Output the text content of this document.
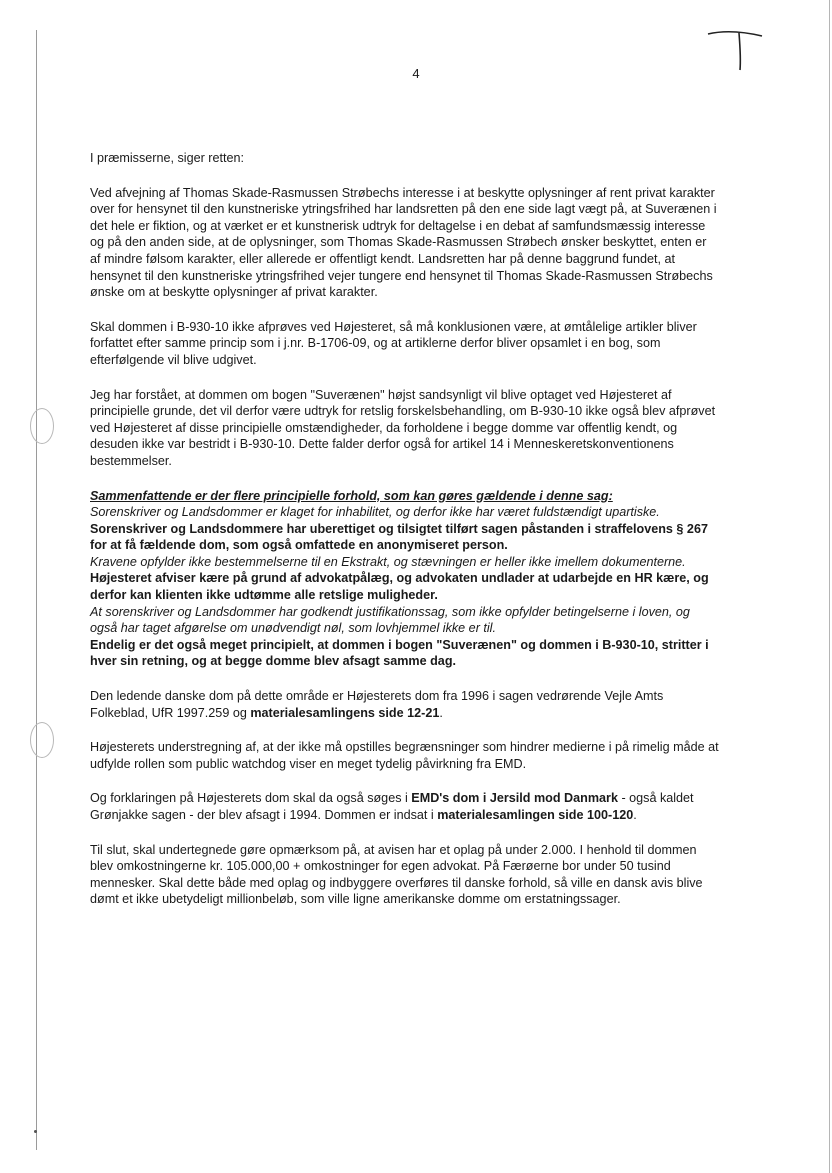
4

I præmisserne, siger retten:

Ved afvejning af Thomas Skade-Rasmussen Strøbechs interesse i at beskytte oplysninger af rent privat karakter over for hensynet til den kunstneriske ytringsfrihed har landsretten på den ene side lagt vægt på, at Suverænen i det hele er fiktion, og at værket er et kunstnerisk udtryk for deltagelse i en debat af samfundsmæssig interesse og på den anden side, at de oplysninger, som Thomas Skade-Rasmussen Strøbech ønsker beskyttet, enten er af mindre følsom karakter, eller allerede er offentligt kendt. Landsretten har på denne baggrund fundet, at hensynet til den kunstneriske ytringsfrihed vejer tungere end hensynet til Thomas Skade-Rasmussen Strøbechs ønske om at beskytte oplysninger af privat karakter.

Skal dommen i B-930-10 ikke afprøves ved Højesteret, så må konklusionen være, at ømtålelige artikler bliver forfattet efter samme princip som i j.nr. B-1706-09, og at artiklerne derfor bliver opsamlet i en bog, som efterfølgende vil blive udgivet.

Jeg har forstået, at dommen om bogen "Suverænen" højst sandsynligt vil blive optaget ved Højesteret af principielle grunde, det vil derfor være udtryk for retslig forskelsbehandling, om B-930-10 ikke også blev afprøvet ved Højesteret af disse principielle omstændigheder, da forholdene i begge domme var offentlig kendt, og desuden ikke var bestridt i B-930-10. Dette falder derfor også for artikel 14 i Menneskeretskonventionens bestemmelser.

Sammenfattende er der flere principielle forhold, som kan gøres gældende i denne sag:

Sorenskriver og Landsdommer er klaget for inhabilitet, og derfor ikke har været fuldstændigt upartiske.

Sorenskriver og Landsdommere har uberettiget og tilsigtet tilført sagen påstanden i straffelovens § 267 for at få fældende dom, som også omfattede en anonymiseret person.

Kravene opfylder ikke bestemmelserne til en Ekstrakt, og stævningen er heller ikke imellem dokumenterne.

Højesteret afviser kære på grund af advokatpålæg, og advokaten undlader at udarbejde en HR kære, og derfor kan klienten ikke udtømme alle retslige muligheder.

At sorenskriver og Landsdommer har godkendt justifikationssag, som ikke opfylder betingelserne i loven, og også har taget afgørelse om unødvendigt nøl, som lovhjemmel ikke er til.

Endelig er det også meget principielt, at dommen i bogen "Suverænen" og dommen i B-930-10, stritter i hver sin retning, og at begge domme blev afsagt samme dag.

Den ledende danske dom på dette område er Højesterets dom fra 1996 i sagen vedrørende Vejle Amts Folkeblad, UfR 1997.259 og materialesamlingens side 12-21.

Højesterets understregning af, at der ikke må opstilles begrænsninger som hindrer medierne i på rimelig måde at udfylde rollen som public watchdog viser en meget tydelig påvirkning fra EMD.

Og forklaringen på Højesterets dom skal da også søges i EMD's dom i Jersild mod Danmark - også kaldet Grønjakke sagen - der blev afsagt i 1994. Dommen er indsat i materialesamlingen side 100-120.

Til slut, skal undertegnede gøre opmærksom på, at avisen har et oplag på under 2.000. I henhold til dommen blev omkostningerne kr. 105.000,00 + omkostninger for egen advokat. På Færøerne bor under 50 tusind mennesker. Skal dette både med oplag og indbyggere overføres til danske forhold, så ville en dansk avis blive dømt et ikke ubetydeligt millionbeløb, som ville ligne amerikanske domme om erstatningssager.
